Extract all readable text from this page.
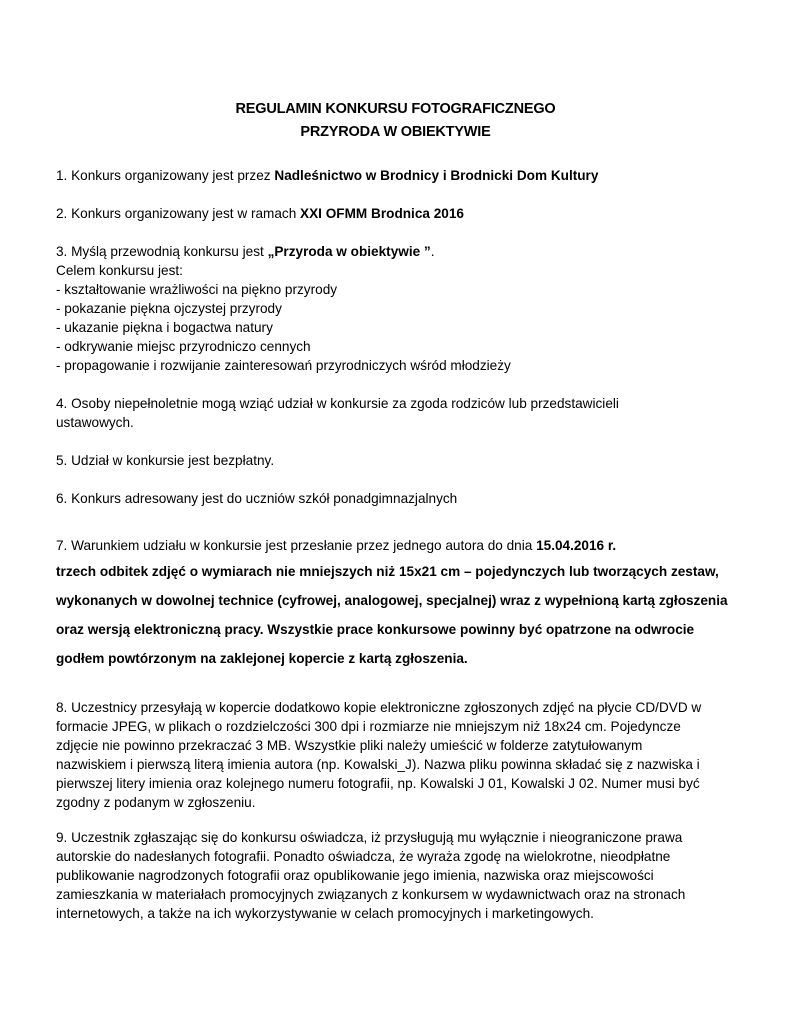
REGULAMIN KONKURSU FOTOGRAFICZNEGO
PRZYRODA W OBIEKTYWIE
1. Konkurs organizowany jest przez Nadleśnictwo w Brodnicy i Brodnicki Dom Kultury
2. Konkurs organizowany jest w ramach XXI OFMM Brodnica 2016

3. Myślą przewodnią konkursu jest „Przyroda w obiektywie ”.

Celem konkursu jest:

- kształtowanie wrażliwości na piękno przyrody

- pokazanie piękna ojczystej przyrody

- ukazanie piękna i bogactwa natury

- odkrywanie miejsc przyrodniczo cennych

- propagowanie i rozwijanie zainteresowań przyrodniczych wśród młodzieży

4. Osoby niepełnoletnie mogą wziąć udział w konkursie za zgoda rodziców lub przedstawicieli

ustawowych.

5. Udział w konkursie jest bezpłatny.
6. Konkurs adresowany jest do uczniów szkół ponadgimnazjalnych
7. Warunkiem udziału w konkursie jest przesłanie przez jednego autora do dnia 15.04.2016 r.
trzech odbitek zdjęć o wymiarach nie mniejszych niż 15x21 cm – pojedynczych lub tworzących zestaw,
wykonanych w dowolnej technice (cyfrowej, analogowej, specjalnej) wraz z wypełnioną kartą zgłoszenia
oraz wersją elektroniczną pracy. Wszystkie prace konkursowe powinny być opatrzone na odwrocie
godłem powtórzonym na zaklejonej kopercie z kartą zgłoszenia.

8. Uczestnicy przesyłają w kopercie dodatkowo kopie elektroniczne zgłoszonych zdjęć na płycie CD/DVD w

formacie JPEG, w plikach o rozdzielczości 300 dpi i rozmiarze nie mniejszym niż 18x24 cm. Pojedyncze

zdjęcie nie powinno przekraczać 3 MB. Wszystkie pliki należy umieścić w folderze zatytułowanym

nazwiskiem i pierwszą literą imienia autora (np. Kowalski_J). Nazwa pliku powinna składać się z nazwiska i

pierwszej litery imienia oraz kolejnego numeru fotografii, np. Kowalski J 01, Kowalski J 02. Numer musi być

zgodny z podanym w zgłoszeniu.

9. Uczestnik zgłaszając się do konkursu oświadcza, iż przysługują mu wyłącznie i nieograniczone prawa

autorskie do nadesłanych fotografii. Ponadto oświadcza, że wyraża zgodę na wielokrotne, nieodpłatne

publikowanie nagrodzonych fotografii oraz opublikowanie jego imienia, nazwiska oraz miejscowości

zamieszkania w materiałach promocyjnych związanych z konkursem w wydawnictwach oraz na stronach

internetowych, a także na ich wykorzystywanie w celach promocyjnych i marketingowych.
